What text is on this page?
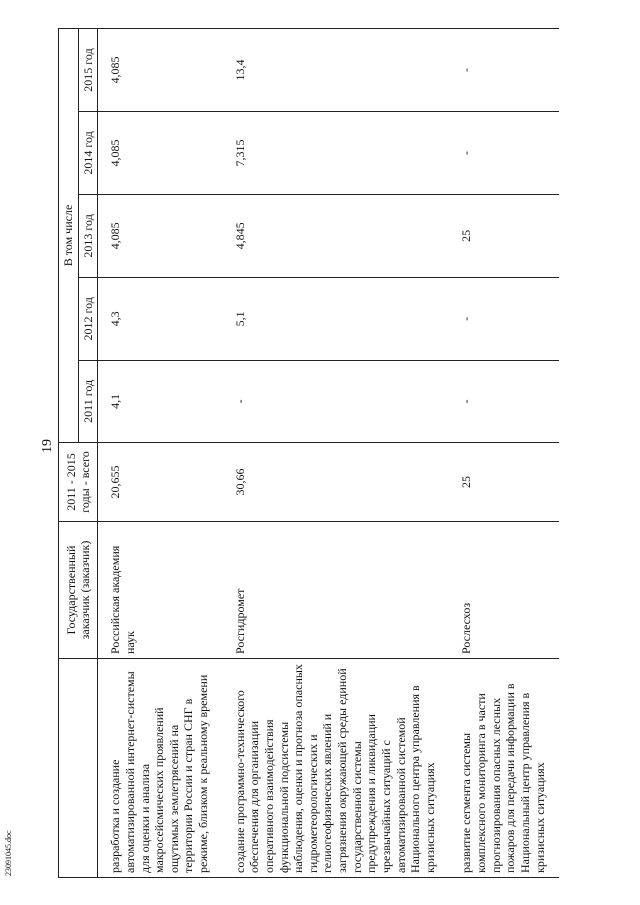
19
23091045.doc
	Государственный заказчик (заказчик)	2011 - 2015 годы - всего	В том числе				
			2011 год	2012 год	2013 год	2014 год	2015 год
разработка и создание автоматизированной интернет-системы для оценки и анализа макросейсмических проявлений ощутимых землетрясений на территории России и стран СНГ в режиме, близком к реальному времени	Российская академия наук	20,655	4,1	4,3	4,085	4,085	4,085
создание программно-технического обеспечения для организации оперативного взаимодействия функциональной подсистемы наблюдения, оценки и прогноза опасных гидрометеорологических и гелиогеофизических явлений и загрязнения окружающей среды единой государственной системы предупреждения и ликвидации чрезвычайных ситуаций с автоматизированной системой Национального центра управления в кризисных ситуациях	Росгидромет	30,66	-	5,1	4,845	7,315	13,4
развитие сегмента системы комплексного мониторинга в части прогнозирования опасных лесных пожаров для передачи информации в Национальный центр управления в кризисных ситуациях	Рослесхоз	25	-	-	25	-	-
